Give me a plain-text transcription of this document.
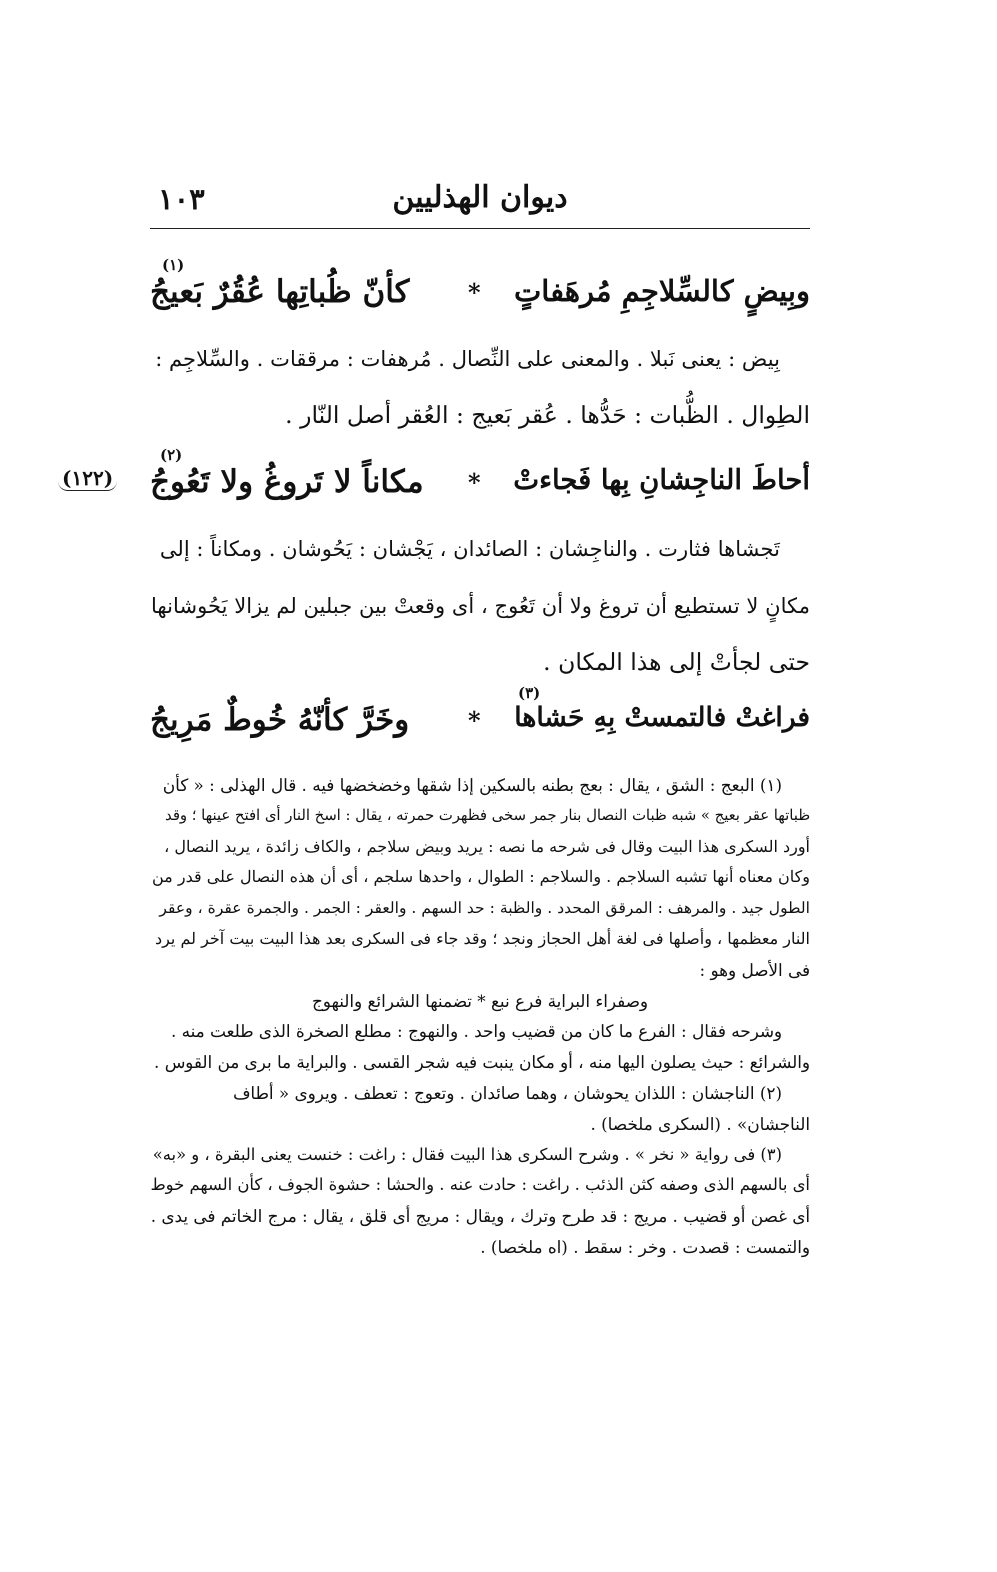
ديوان الهذليين
١٠٣
(١٢٢)
وبِيضٍ كالسِّلاجِمِ مُرهَفاتٍ
*
كأنّ ظُباتِها عُقُرٌ بَعيجُ
(١)
بِيض : يعنى نَبلا . والمعنى على النِّصال . مُرهفات : مرققات . والسِّلاجِم :
الطِوال . الظُّبات : حَدُّها . عُقر بَعيج : العُقر أصل النّار .
أحاطَ الناجِشانِ بِها فَجاءتْ
*
مكاناً لا تَروغُ ولا تَعُوجُ
(٢)
تَجشاها فثارت . والناجِشان : الصائدان ، يَجْشان : يَحُوشان . ومكاناً : إلى
مكانٍ لا تستطيع أن تروغ ولا أن تَعُوج ، أى وقعتْ بين جبلين لم يزالا يَحُوشانها
حتى لجأتْ إلى هذا المكان .
فراغتْ فالتمستْ بِهِ حَشاها
*
وخَرَّ كأنّهُ خُوطٌ مَرِيجُ
(٣)
(١) البعج : الشق ، يقال : بعج بطنه بالسكين إذا شقها وخضخضها فيه . قال الهذلى : « كأن
ظباتها عقر بعيج » شبه ظبات النصال بنار جمر سخى فظهرت حمرته ، يقال : اسخ النار أى افتح عينها ؛ وقد
أورد السكرى هذا البيت وقال فى شرحه ما نصه : يريد وبيض سلاجم ، والكاف زائدة ، يريد النصال ،
وكان معناه أنها تشبه السلاجم . والسلاجم : الطوال ، واحدها سلجم ، أى أن هذه النصال على قدر من
الطول جيد . والمرهف : المرقق المحدد . والظبة : حد السهم . والعقر : الجمر . والجمرة عقرة ، وعقر
النار معظمها ، وأصلها فى لغة أهل الحجاز ونجد ؛ وقد جاء فى السكرى بعد هذا البيت بيت آخر لم يرد
فى الأصل وهو :
وصفراء البراية فرع نبع * تضمنها الشرائع والنهوج
وشرحه فقال : الفرع ما كان من قضيب واحد . والنهوج : مطلع الصخرة الذى طلعت منه .
والشرائع : حيث يصلون اليها منه ، أو مكان ينبت فيه شجر القسى . والبراية ما برى من القوس .
(٢) الناجشان : اللذان يحوشان ، وهما صائدان . وتعوج : تعطف . ويروى « أطاف
الناجشان» . (السكرى ملخصا) .
(٣) فى رواية « نخر » . وشرح السكرى هذا البيت فقال : راغت : خنست يعنى البقرة ، و «به»
أى بالسهم الذى وصفه كثن الذئب . راغت : حادت عنه . والحشا : حشوة الجوف ، كأن السهم خوط
أى غصن أو قضيب . مريج : قد طرح وترك ، ويقال : مريج أى قلق ، يقال : مرج الخاتم فى يدى .
والتمست : قصدت . وخر : سقط . (اه ملخصا) .
